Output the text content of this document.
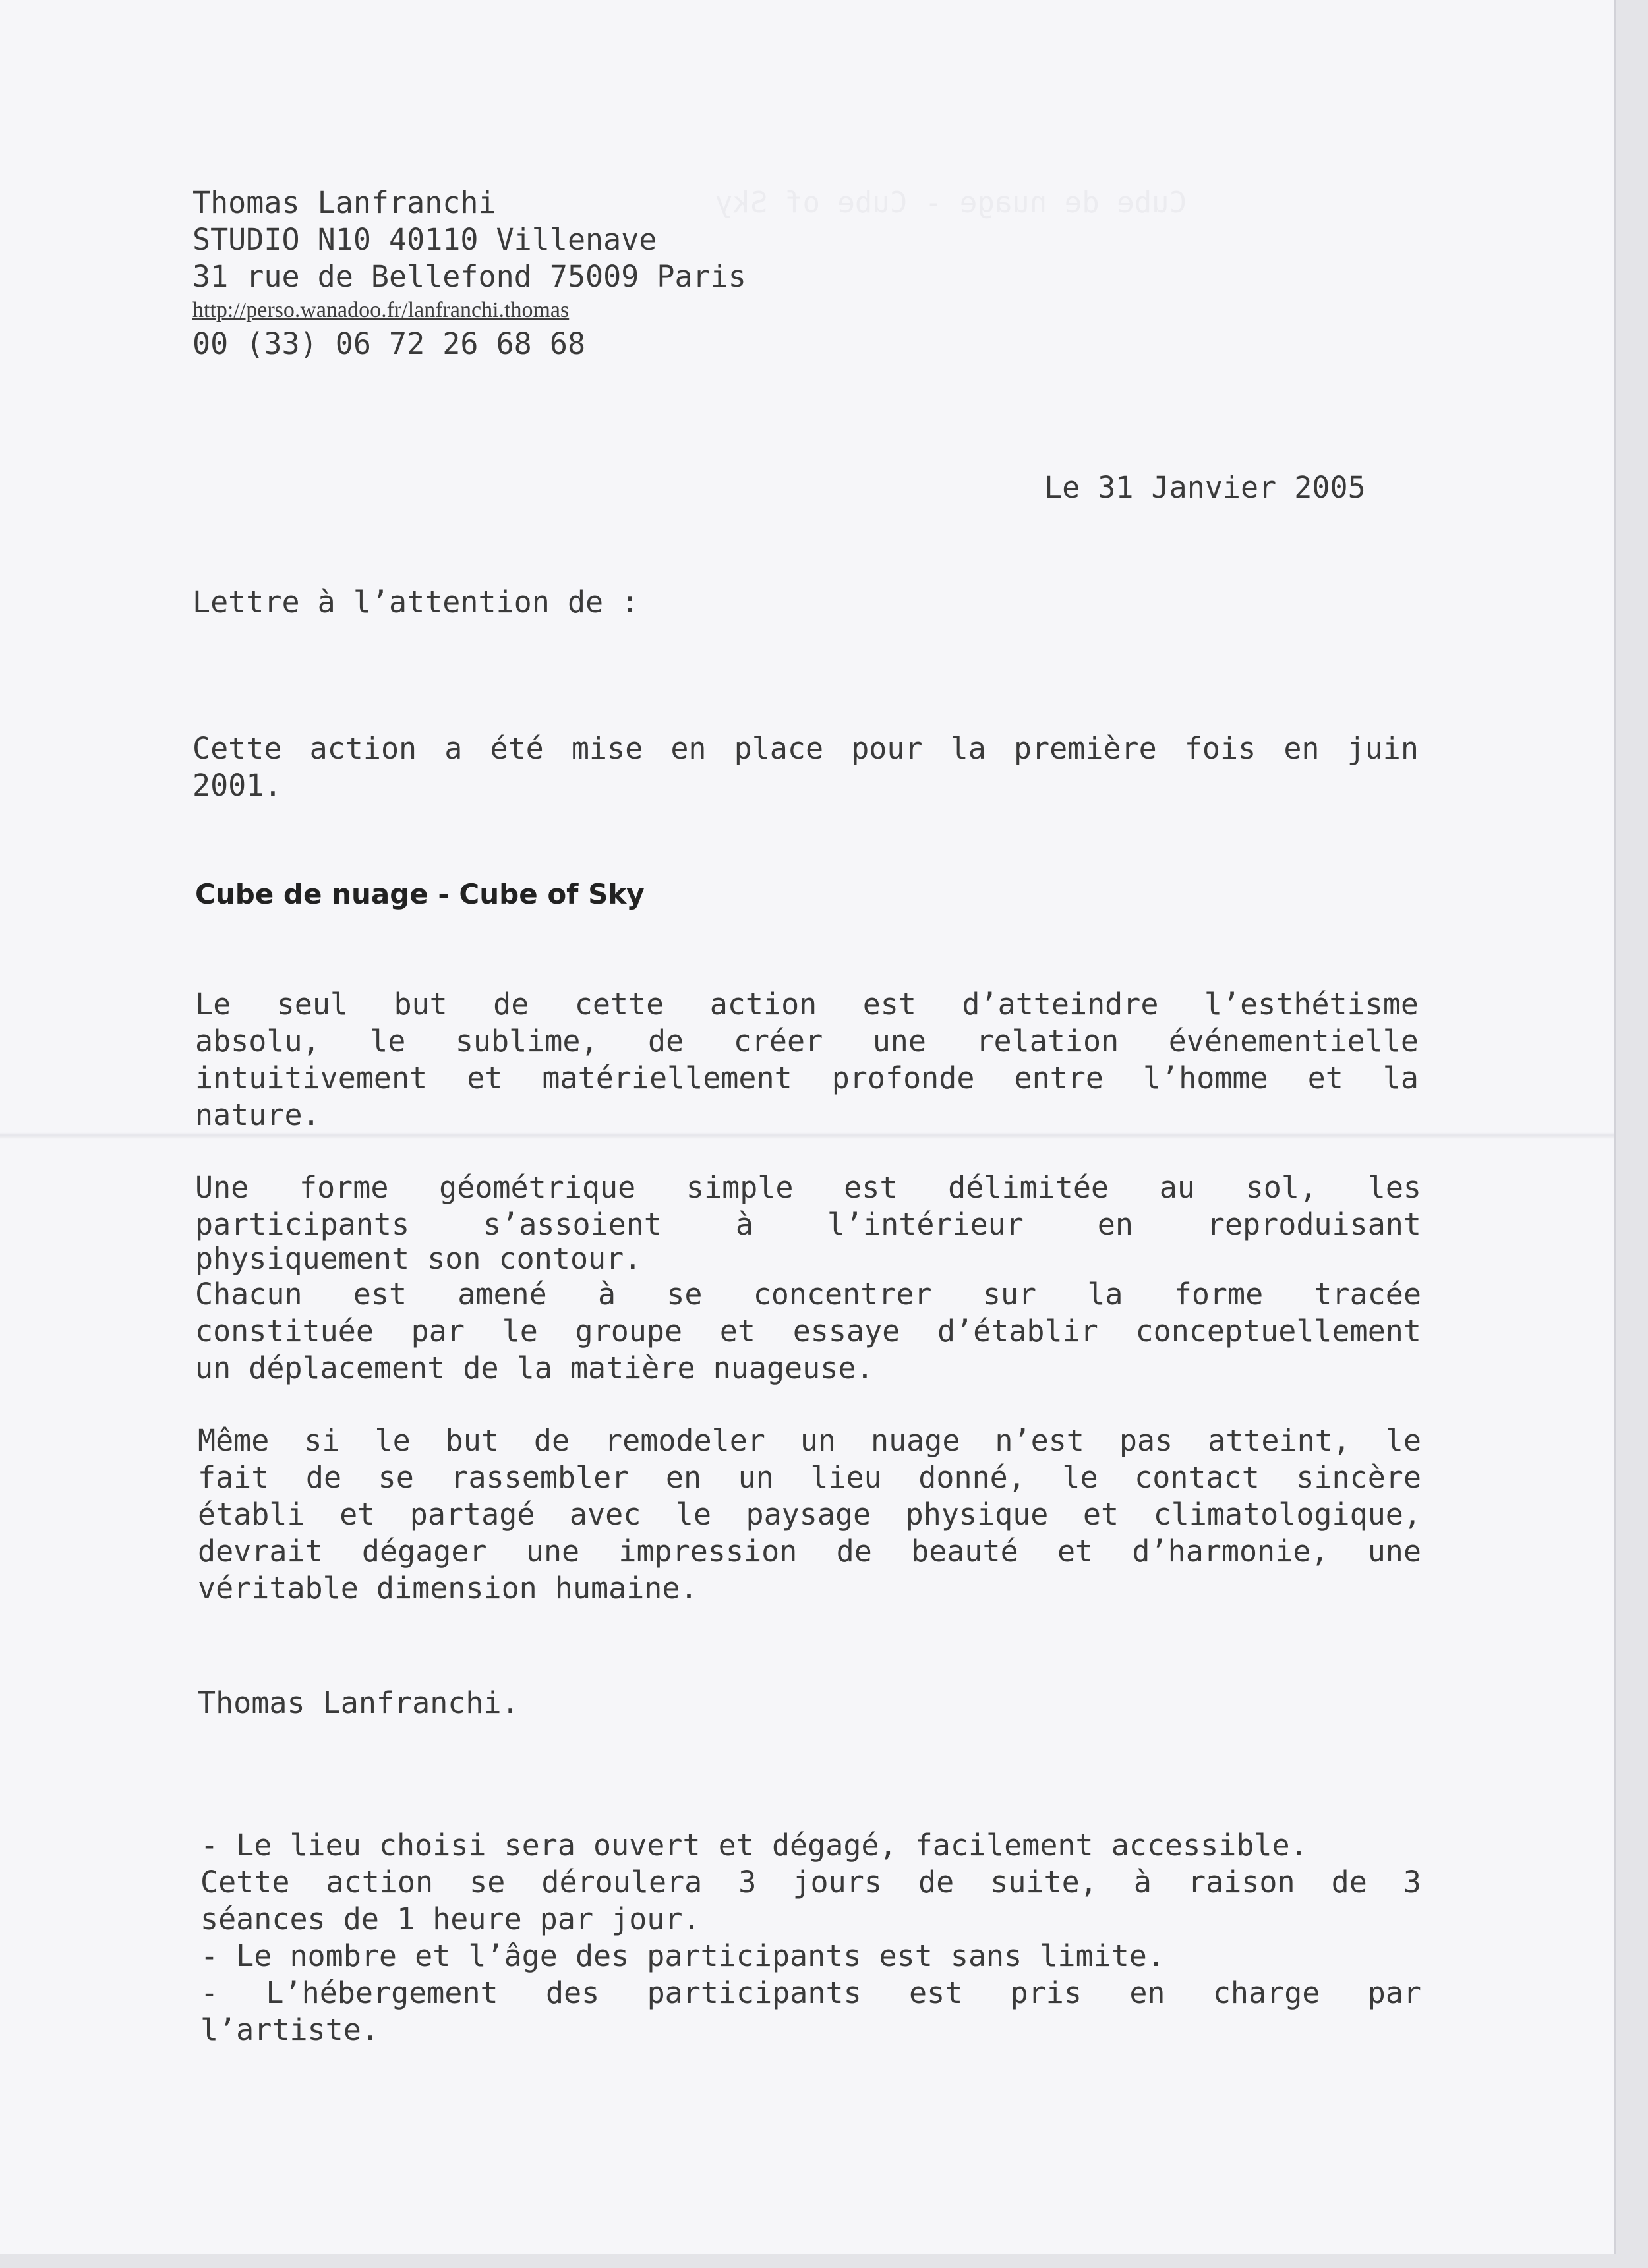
Cube de nuage - Cube of Sky
Thomas Lanfranchi
STUDIO N10 40110 Villenave
31 rue de Bellefond 75009 Paris
http://perso.wanadoo.fr/lanfranchi.thomas
00 (33) 06 72 26 68 68
Le 31 Janvier 2005
Lettre à l’attention de :
Cette action a été mise en place pour la première fois en juin
2001.
Cube de nuage - Cube of Sky
Le seul but de cette action est d’atteindre l’esthétisme
absolu, le sublime, de créer une relation événementielle
intuitivement et matériellement profonde entre l’homme et la
nature.
Une forme géométrique simple est délimitée au sol, les
participants s’assoient à l’intérieur en reproduisant
physiquement son contour.
Chacun est amené à se concentrer sur la forme tracée
constituée par le groupe et essaye d’établir conceptuellement
un déplacement de la matière nuageuse.
Même si le but de remodeler un nuage n’est pas atteint, le
fait de se rassembler en un lieu donné, le contact sincère
établi et partagé avec le paysage physique et climatologique,
devrait dégager une impression de beauté et d’harmonie, une
véritable dimension humaine.
Thomas Lanfranchi.
- Le lieu choisi sera ouvert et dégagé, facilement accessible.
Cette action se déroulera 3 jours de suite, à raison de 3
séances de 1 heure par jour.
- Le nombre et l’âge des participants est sans limite.
- L’hébergement des participants est pris en charge par
l’artiste.
